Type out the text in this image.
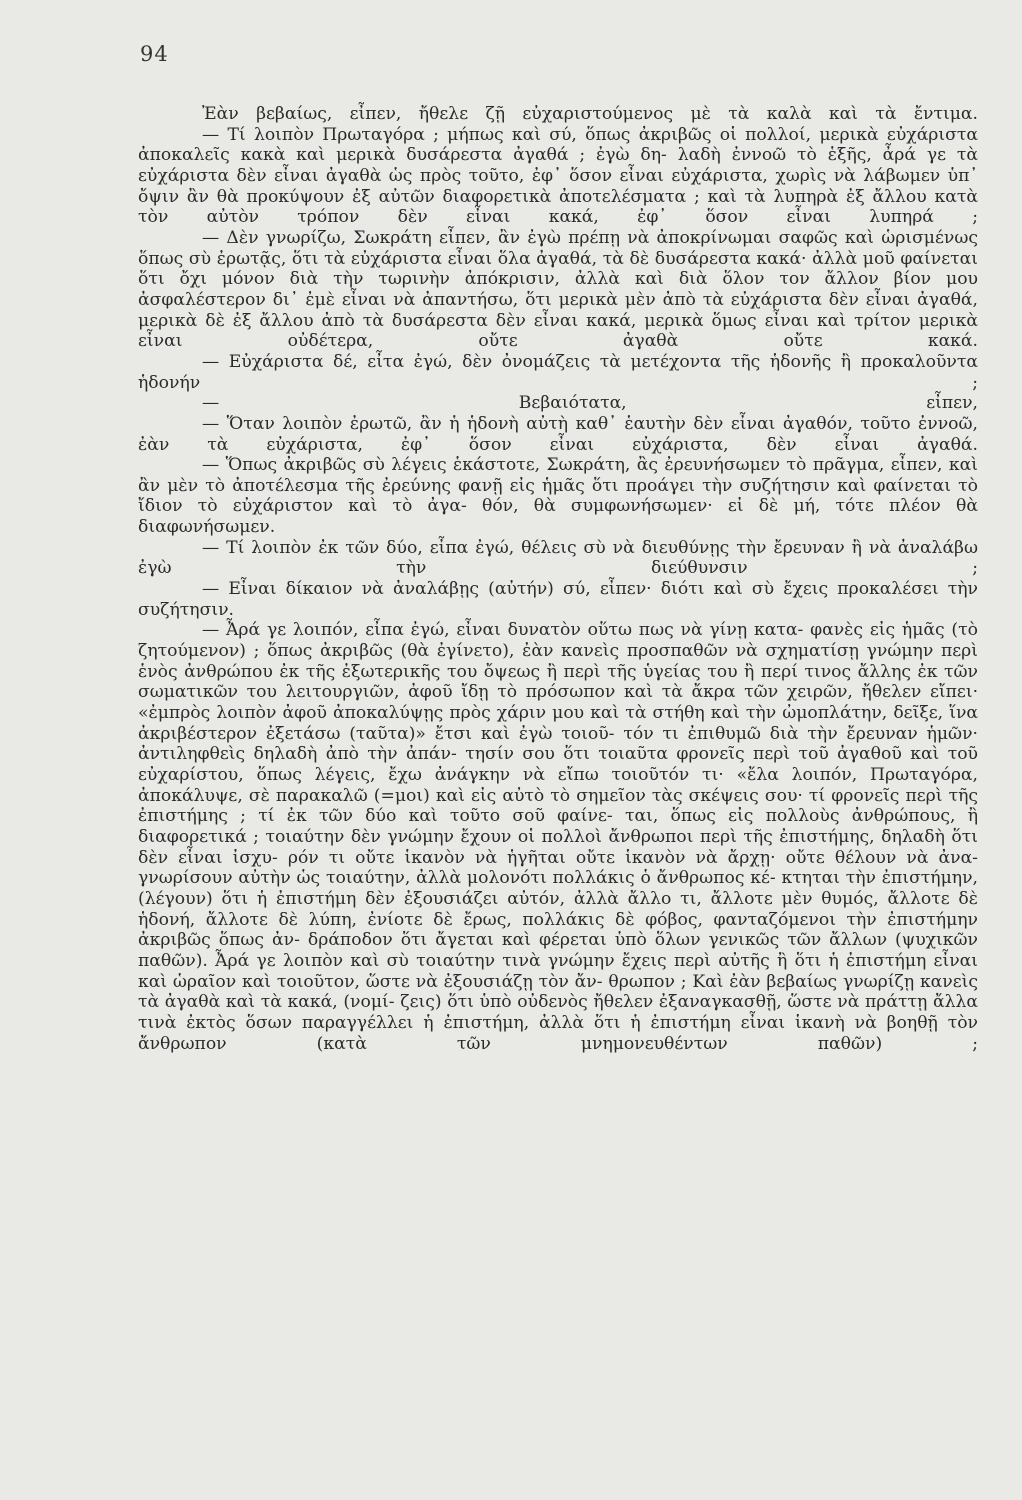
94

Ἐὰν βεβαίως, εἶπεν, ἤθελε ζῇ εὐχαριστούμενος μὲ τὰ καλὰ καὶ τὰ ἔντιμα.

— Τί λοιπὸν Πρωταγόρα ; μήπως καὶ σύ, ὅπως ἀκριβῶς οἱ πολλοί, μερικὰ εὐχάριστα ἀποκαλεῖς κακὰ καὶ μερικὰ δυσάρεστα ἀγαθά ; ἐγὼ δη- λαδὴ ἐννοῶ τὸ ἑξῆς, ἆρά γε τὰ εὐχάριστα δὲν εἶναι ἀγαθὰ ὡς πρὸς τοῦτο, ἐφ᾽ ὅσον εἶναι εὐχάριστα, χωρὶς νὰ λάβωμεν ὑπ᾽ ὄψιν ἂν θὰ προκύψουν ἐξ αὐτῶν διαφορετικὰ ἀποτελέσματα ; καὶ τὰ λυπηρὰ ἐξ ἄλλου κατὰ τὸν αὐτὸν τρόπον δὲν εἶναι κακά, ἐφ᾽ ὅσον εἶναι λυπηρά ;

— Δὲν γνωρίζω, Σωκράτη εἶπεν, ἂν ἐγὼ πρέπῃ νὰ ἀποκρίνωμαι σαφῶς καὶ ὡρισμένως ὅπως σὺ ἐρωτᾷς, ὅτι τὰ εὐχάριστα εἶναι ὅλα ἀγαθά, τὰ δὲ δυσάρεστα κακά· ἀλλὰ μοῦ φαίνεται ὅτι ὄχι μόνον διὰ τὴν τωρινὴν ἀπόκρισιν, ἀλλὰ καὶ διὰ ὅλον τον ἄλλον βίον μου ἀσφαλέστερον δι᾽ ἐμὲ εἶναι νὰ ἀπαντήσω, ὅτι μερικὰ μὲν ἀπὸ τὰ εὐχάριστα δὲν εἶναι ἀγαθά, μερικὰ δὲ ἐξ ἄλλου ἀπὸ τὰ δυσάρεστα δὲν εἶναι κακά, μερικὰ ὅμως εἶναι καὶ τρίτον μερικὰ εἶναι οὐδέτερα, οὔτε ἀγαθὰ οὔτε κακά.

— Εὐχάριστα δέ, εἶτα ἐγώ, δὲν ὀνομάζεις τὰ μετέχοντα τῆς ἡδονῆς ἢ προκαλοῦντα ἡδονήν ;

— Βεβαιότατα, εἶπεν,

— Ὅταν λοιπὸν ἐρωτῶ, ἂν ἡ ἡδονὴ αὐτὴ καθ᾽ ἑαυτὴν δὲν εἶναι ἀγαθόν, τοῦτο ἐννοῶ, ἐὰν τὰ εὐχάριστα, ἐφ᾽ ὅσον εἶναι εὐχάριστα, δὲν εἶναι ἀγαθά.

— Ὅπως ἀκριβῶς σὺ λέγεις ἑκάστοτε, Σωκράτη, ἂς ἐρευνήσωμεν τὸ πρᾶγμα, εἶπεν, καὶ ἂν μὲν τὸ ἀποτέλεσμα τῆς ἐρεύνης φανῇ εἰς ἡμᾶς ὅτι προάγει τὴν συζήτησιν καὶ φαίνεται τὸ ἴδιον τὸ εὐχάριστον καὶ τὸ ἀγα- θόν, θὰ συμφωνήσωμεν· εἰ δὲ μή, τότε πλέον θὰ διαφωνήσωμεν.

— Τί λοιπὸν ἐκ τῶν δύο, εἶπα ἐγώ, θέλεις σὺ νὰ διευθύνῃς τὴν ἔρευναν ἢ νὰ ἀναλάβω ἐγὼ τὴν διεύθυνσιν ;

— Εἶναι δίκαιον νὰ ἀναλάβῃς (αὐτήν) σύ, εἶπεν· διότι καὶ σὺ ἔχεις προκαλέσει τὴν συζήτησιν.

— Ἆρά γε λοιπόν, εἶπα ἐγώ, εἶναι δυνατὸν οὕτω πως νὰ γίνῃ κατα- φανὲς εἰς ἡμᾶς (τὸ ζητούμενον) ; ὅπως ἀκριβῶς (θὰ ἐγίνετο), ἐὰν κανεὶς προσπαθῶν νὰ σχηματίσῃ γνώμην περὶ ἑνὸς ἀνθρώπου ἐκ τῆς ἐξωτερικῆς του ὄψεως ἢ περὶ τῆς ὑγείας του ἢ περί τινος ἄλλης ἐκ τῶν σωματικῶν του λειτουργιῶν, ἀφοῦ ἴδῃ τὸ πρόσωπον καὶ τὰ ἄκρα τῶν χειρῶν, ἤθελεν εἴπει· «ἐμπρὸς λοιπὸν ἀφοῦ ἀποκαλύψῃς πρὸς χάριν μου καὶ τὰ στήθη καὶ τὴν ὠμοπλάτην, δεῖξε, ἵνα ἀκριβέστερον ἐξετάσω (ταῦτα)» ἔτσι καὶ ἐγὼ τοιοῦ- τόν τι ἐπιθυμῶ διὰ τὴν ἔρευναν ἡμῶν· ἀντιληφθεὶς δηλαδὴ ἀπὸ τὴν ἀπάν- τησίν σου ὅτι τοιαῦτα φρονεῖς περὶ τοῦ ἀγαθοῦ καὶ τοῦ εὐχαρίστου, ὅπως λέγεις, ἔχω ἀνάγκην νὰ εἴπω τοιοῦτόν τι· «ἔλα λοιπόν, Πρωταγόρα, ἀποκάλυψε, σὲ παρακαλῶ (=μοι) καὶ εἰς αὐτὸ τὸ σημεῖον τὰς σκέψεις σου· τί φρονεῖς περὶ τῆς ἐπιστήμης ; τί ἐκ τῶν δύο καὶ τοῦτο σοῦ φαίνε- ται, ὅπως εἰς πολλοὺς ἀνθρώπους, ἢ διαφορετικά ; τοιαύτην δὲν γνώμην ἔχουν οἱ πολλοὶ ἄνθρωποι περὶ τῆς ἐπιστήμης, δηλαδὴ ὅτι δὲν εἶναι ἰσχυ- ρόν τι οὔτε ἱκανὸν νὰ ἡγῆται οὔτε ἱκανὸν νὰ ἄρχῃ· οὔτε θέλουν νὰ ἀνα- γνωρίσουν αὐτὴν ὡς τοιαύτην, ἀλλὰ μολονότι πολλάκις ὁ ἄνθρωπος κέ- κτηται τὴν ἐπιστήμην, (λέγουν) ὅτι ἡ ἐπιστήμη δὲν ἐξουσιάζει αὐτόν, ἀλλὰ ἄλλο τι, ἄλλοτε μὲν θυμός, ἄλλοτε δὲ ἡδονή, ἄλλοτε δὲ λύπη, ἐνίοτε δὲ ἔρως, πολλάκις δὲ φόβος, φανταζόμενοι τὴν ἐπιστήμην ἀκριβῶς ὅπως ἀν- δράποδον ὅτι ἄγεται καὶ φέρεται ὑπὸ ὅλων γενικῶς τῶν ἄλλων (ψυχικῶν παθῶν). Ἆρά γε λοιπὸν καὶ σὺ τοιαύτην τινὰ γνώμην ἔχεις περὶ αὐτῆς ἢ ὅτι ἡ ἐπιστήμη εἶναι καὶ ὡραῖον καὶ τοιοῦτον, ὥστε νὰ ἐξουσιάζῃ τὸν ἄν- θρωπον ; Καὶ ἐὰν βεβαίως γνωρίζῃ κανεὶς τὰ ἀγαθὰ καὶ τὰ κακά, (νομί- ζεις) ὅτι ὑπὸ οὐδενὸς ἤθελεν ἐξαναγκασθῇ, ὥστε νὰ πράττῃ ἄλλα τινὰ ἐκτὸς ὅσων παραγγέλλει ἡ ἐπιστήμη, ἀλλὰ ὅτι ἡ ἐπιστήμη εἶναι ἱκανὴ νὰ βοηθῇ τὸν ἄνθρωπον (κατὰ τῶν μνημονευθέντων παθῶν) ;
